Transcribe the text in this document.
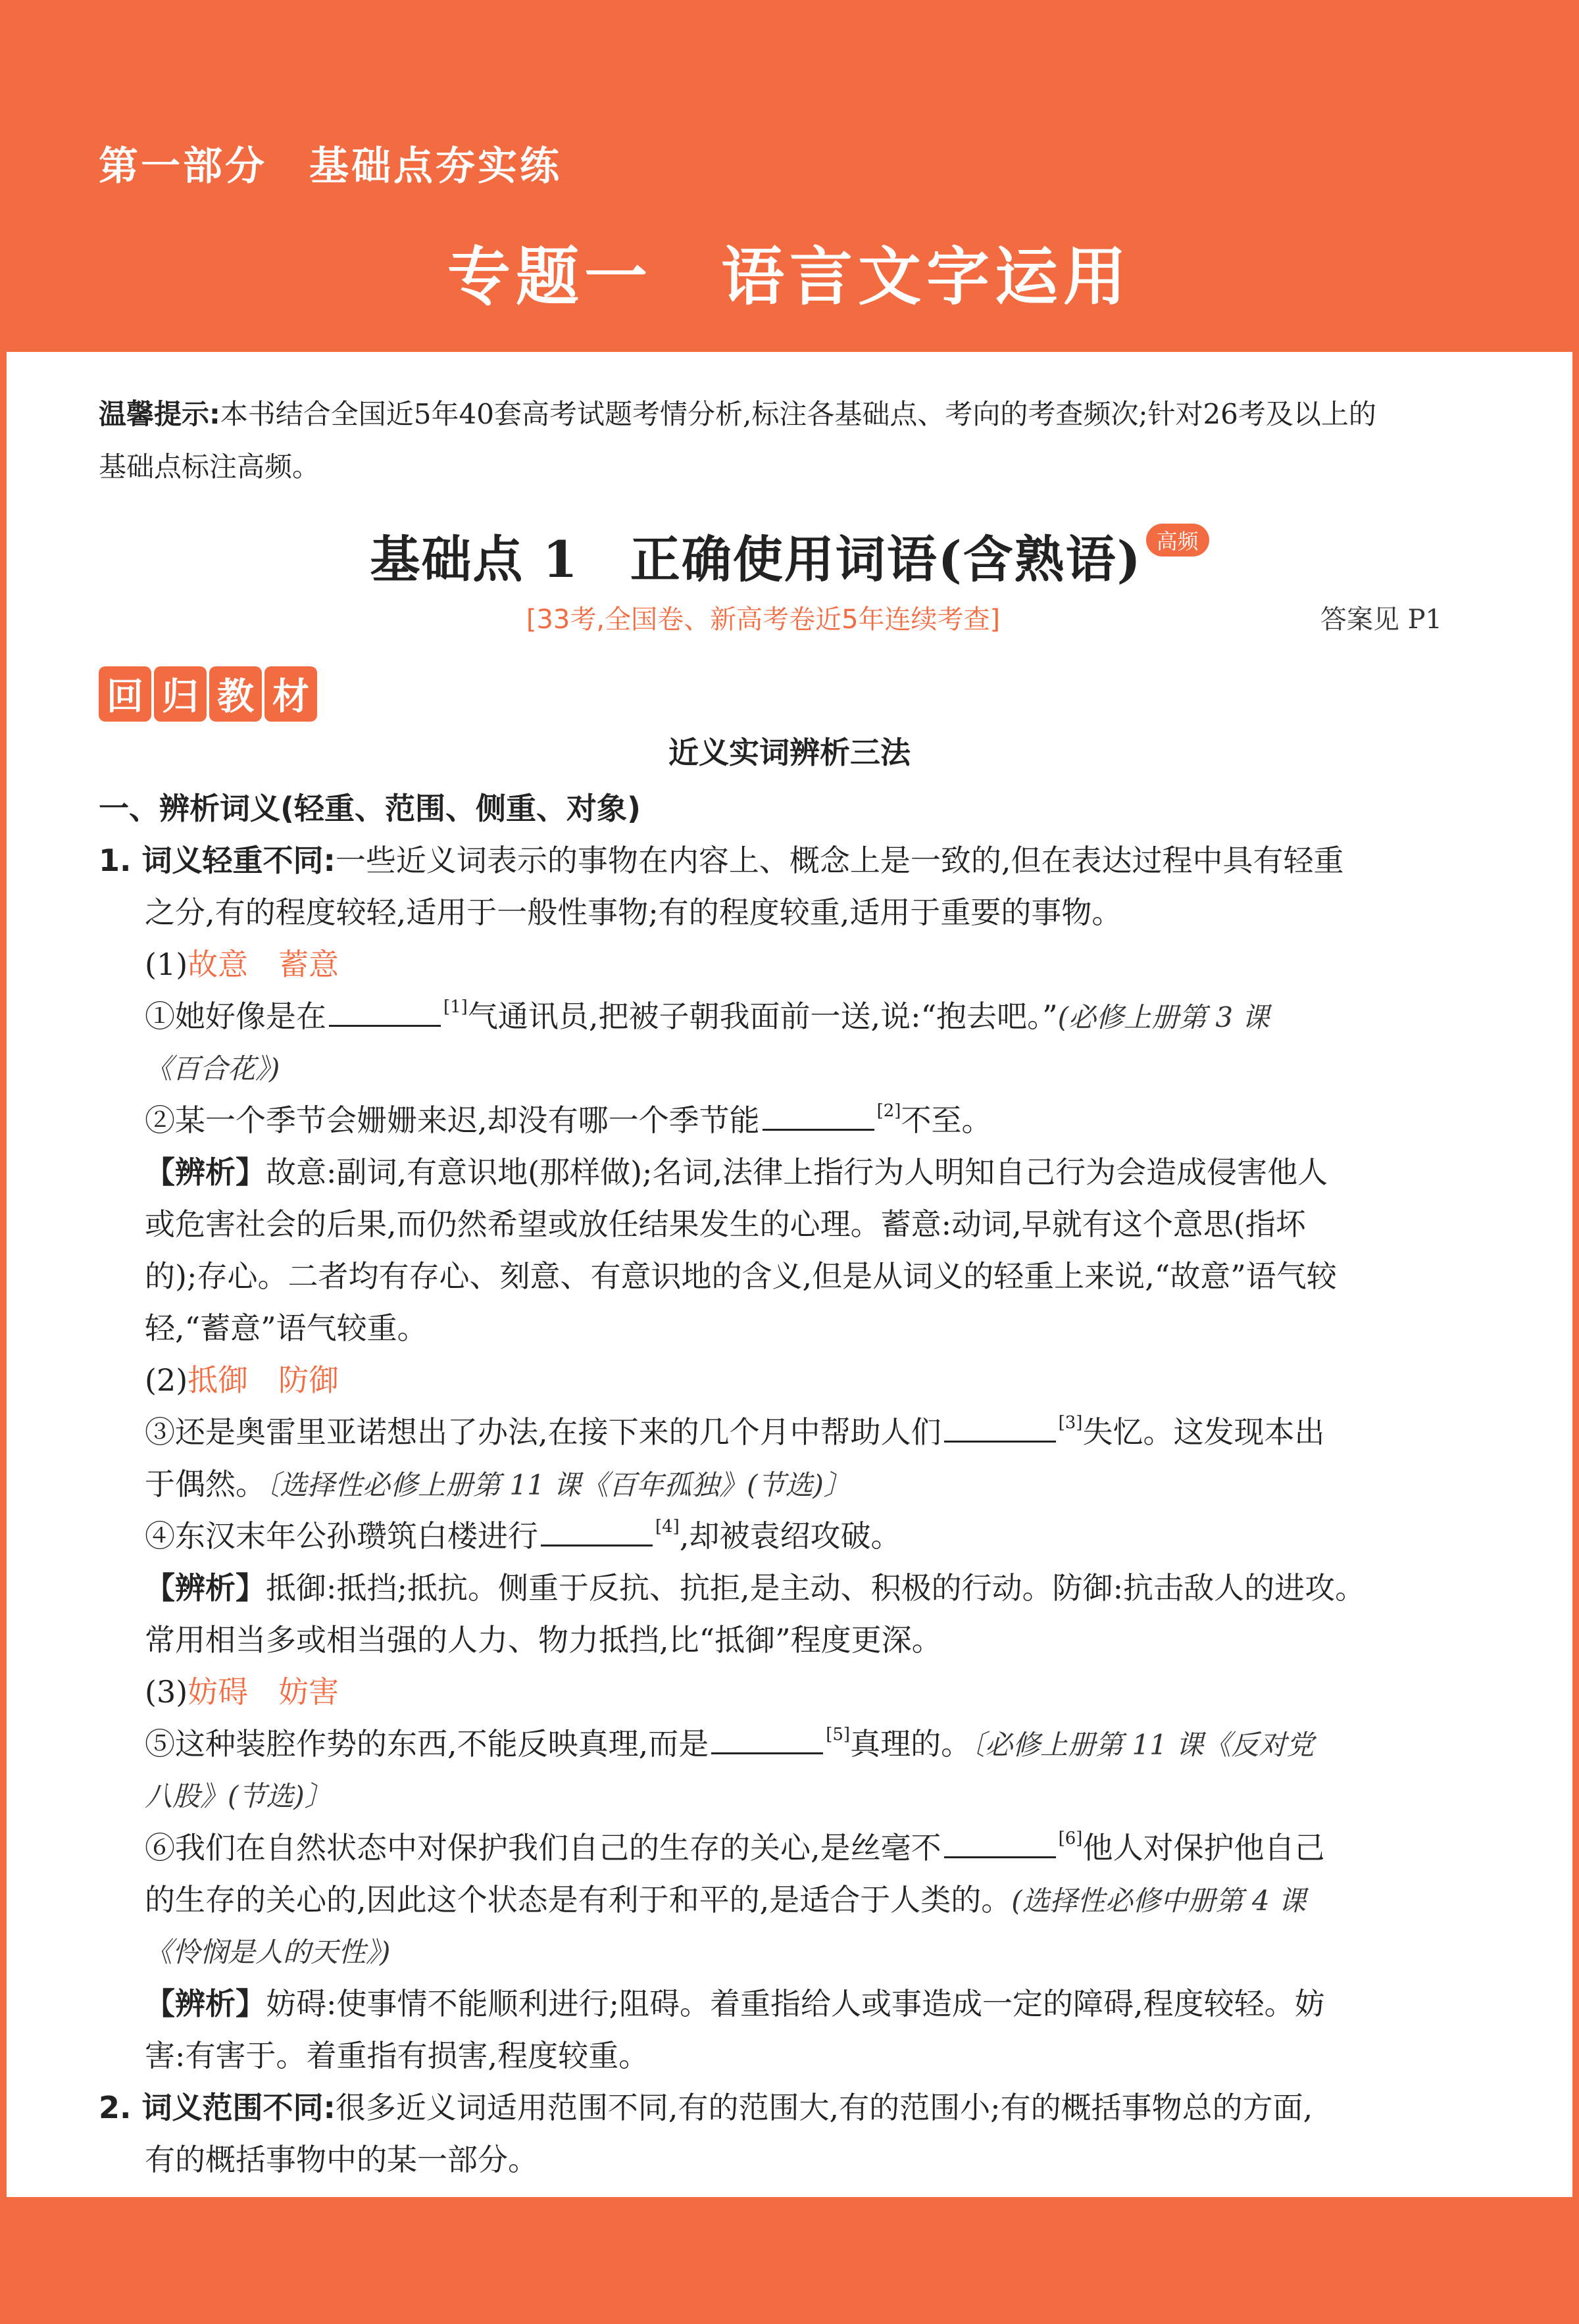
第一部分　基础点夯实练
专题一　语言文字运用
温馨提示:本书结合全国近5年40套高考试题考情分析,标注各基础点、考向的考查频次;针对26考及以上的
基础点标注高频。
基础点 1　正确使用词语(含熟语) 高频
[33考,全国卷、新高考卷近5年连续考查]	答案见 P1
回 归 教 材
近义实词辨析三法
一、辨析词义(轻重、范围、侧重、对象)
1. 词义轻重不同:一些近义词表示的事物在内容上、概念上是一致的,但在表达过程中具有轻重
之分,有的程度较轻,适用于一般性事物;有的程度较重,适用于重要的事物。
(1)故意　蓄意
①她好像是在	[1]气通讯员,把被子朝我面前一送,说:“抱去吧。”(必修上册第 3 课
《百合花》)
②某一个季节会姗姗来迟,却没有哪一个季节能	[2]不至。
【辨析】故意:副词,有意识地(那样做);名词,法律上指行为人明知自己行为会造成侵害他人
或危害社会的后果,而仍然希望或放任结果发生的心理。蓄意:动词,早就有这个意思(指坏
的);存心。二者均有存心、刻意、有意识地的含义,但是从词义的轻重上来说,“故意”语气较
轻,“蓄意”语气较重。
(2)抵御　防御
③还是奥雷里亚诺想出了办法,在接下来的几个月中帮助人们	[3]失忆。这发现本出
于偶然。〔选择性必修上册第 11 课《百年孤独》(节选)〕
④东汉末年公孙瓒筑白楼进行	[4],却被袁绍攻破。
【辨析】抵御:抵挡;抵抗。侧重于反抗、抗拒,是主动、积极的行动。防御:抗击敌人的进攻。
常用相当多或相当强的人力、物力抵挡,比“抵御”程度更深。
(3)妨碍　妨害
⑤这种装腔作势的东西,不能反映真理,而是	[5]真理的。〔必修上册第 11 课《反对党
八股》(节选)〕
⑥我们在自然状态中对保护我们自己的生存的关心,是丝毫不	[6]他人对保护他自己
的生存的关心的,因此这个状态是有利于和平的,是适合于人类的。(选择性必修中册第 4 课
《怜悯是人的天性》)
【辨析】妨碍:使事情不能顺利进行;阻碍。着重指给人或事造成一定的障碍,程度较轻。妨
害:有害于。着重指有损害,程度较重。
2. 词义范围不同:很多近义词适用范围不同,有的范围大,有的范围小;有的概括事物总的方面,
有的概括事物中的某一部分。
1
